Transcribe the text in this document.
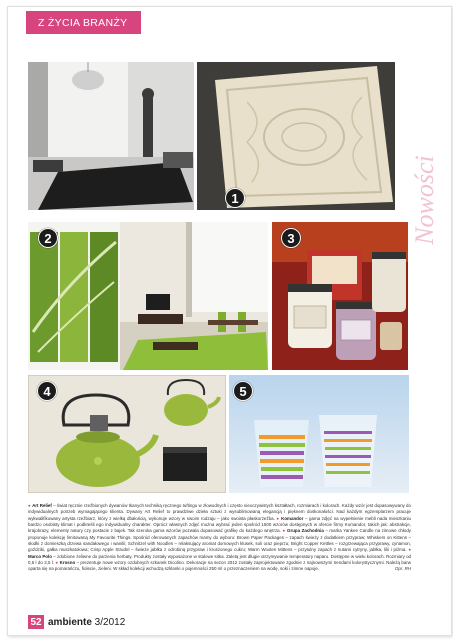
Z ŻYCIA BRANŻY
Nowości
1
2	3
4	5
● Art Relief – świat ręcznie rzeźbionych dywanów tkanych techniką ręcznego tuftingu w złowodnych i często nieoczywistych kształtach, rozmiarach i kolorach. Każdy wzór jest dopasowywany do indywidualnych potrzeb wymagającego klienta. Dywany Art Relief to prawdziwe dzieła sztuki z wysublimowaną elegancją i pięknem doskonałości. Nad każdym egzemplarzem pracuje wykwalifikowany artysta rzeźbiarz, który z wielką dbałością, wykonuje wzory w swoim rodzaju – jako swoista płaskorzeźba. ● Komandor – gama zdjęć na wypełnienie mebli nada mieszkaniu bardzo osobisty klimat i podkreśli ego indywidualny charakter. Oprócz własnych zdjęć można wybrać jeden spośród 1500 wzorów dostępnych w ofercie firmy Komandor, takich jak: abstrakcje, krajobrazy, elementy natury czy postacie z bajek. Tak szeroka gama wzorów pozwala dopasować grafikę do każdego wnętrza. ● Grupa Zachodnia – marka Yankee Candle na zimowe chłody proponuje kolekcję limitowaną My Favourite Things. Spośród oferowanych zapachów mamy do wyboru: Brown Paper Packages – zapach świeży z dodatkiem przypraw; Whiskers on Kittens – słodki z domieszką drzewa sandałowego i wanilii; Schnitzel with Noodles – relaksujący aromat domowych klusek, soli oraz pieprzu; Bright Copper Kettles – rozgrzewająca przyprawy, cynamon, goździki, gałka muszkatołowa; Crisp Apple Strudel – świeże jabłka z odrobiną przypraw i kruszonego cukru; Warm Woolen Mittens – przytulny zapach z nutami cytryny, jabłka, lilii i piżma. ● Marco Polo – zdobione żeliwne do parzenia herbaty. Produkty zostały wyposażone w stalowe sitka. Zaletą jest długie utrzymywanie temperatury naparu. Dostępne w wielu kolorach. Rozmiary od 0,6 l do 2,5 l. ● Krosno – prezentuje nowe wzory ozdobnych szkanek Dicolino. Dekoracje na sezon 2012 zostały zaprojektowane zgodnie z najnowszymi trendami kolorystycznymi. Należą barw oparta się na pomarańczu, fiolecie, zieleni. W skład kolekcji wchodzą szklanki o pojemności 250 ml o przeznaczeniem na wodę, soki i zimne napoje.	Opr. RH
52 ambiente 3/2012
